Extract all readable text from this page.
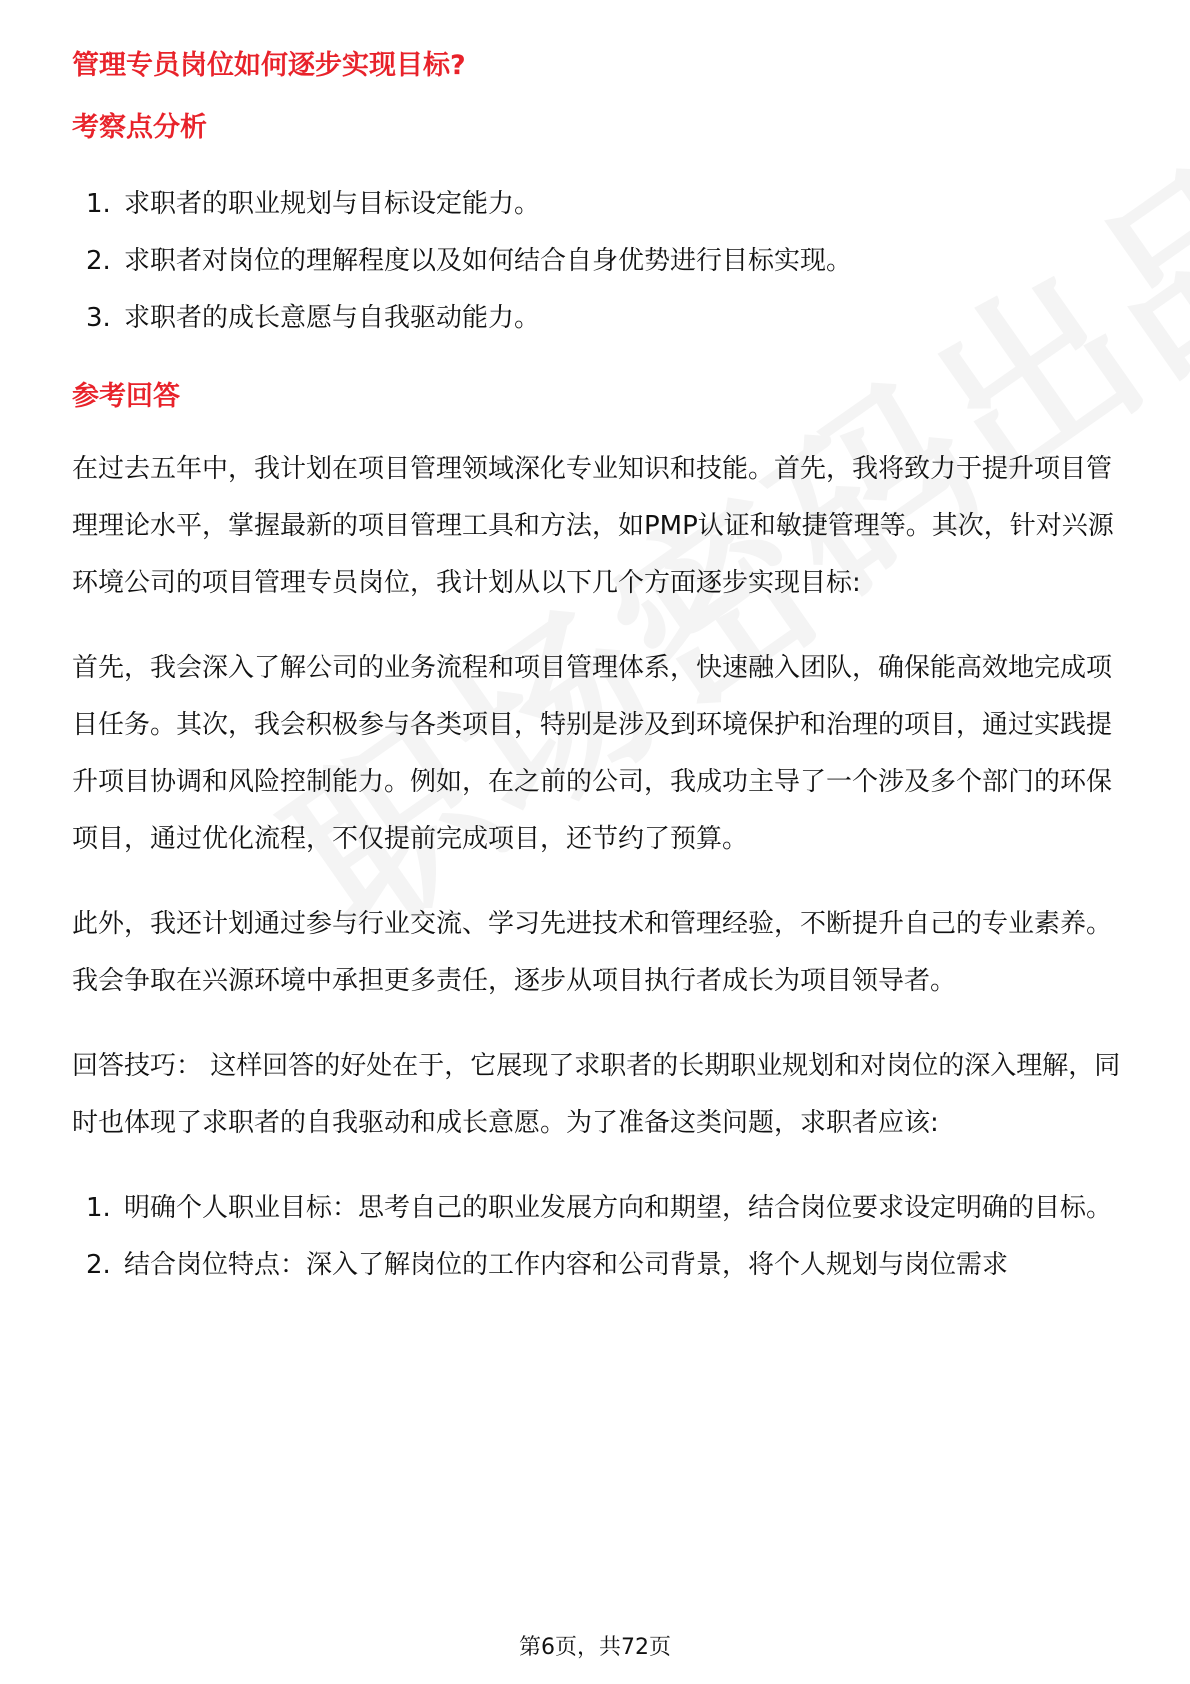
管理专员岗位如何逐步实现目标?
考察点分析
1. 求职者的职业规划与目标设定能力。
2. 求职者对岗位的理解程度以及如何结合自身优势进行目标实现。
3. 求职者的成长意愿与自我驱动能力。
参考回答

在过去五年中，我计划在项目管理领域深化专业知识和技能。首先，我将致力于提升项目管理理论水平，掌握最新的项目管理工具和方法，如PMP认证和敏捷管理等。其次，针对兴源环境公司的项目管理专员岗位，我计划从以下几个方面逐步实现目标:

首先，我会深入了解公司的业务流程和项目管理体系，快速融入团队，确保能高效地完成项目任务。其次，我会积极参与各类项目，特别是涉及到环境保护和治理的项目，通过实践提升项目协调和风险控制能力。例如，在之前的公司，我成功主导了一个涉及多个部门的环保项目，通过优化流程，不仅提前完成项目，还节约了预算。

此外，我还计划通过参与行业交流、学习先进技术和管理经验，不断提升自己的专业素养。我会争取在兴源环境中承担更多责任，逐步从项目执行者成长为项目领导者。

回答技巧： 这样回答的好处在于，它展现了求职者的长期职业规划和对岗位的深入理解，同时也体现了求职者的自我驱动和成长意愿。为了准备这类问题，求职者应该:

1. 明确个人职业目标：思考自己的职业发展方向和期望，结合岗位要求设定明确的目标。
2. 结合岗位特点：深入了解岗位的工作内容和公司背景，将个人规划与岗位需求
第6页，共72页
